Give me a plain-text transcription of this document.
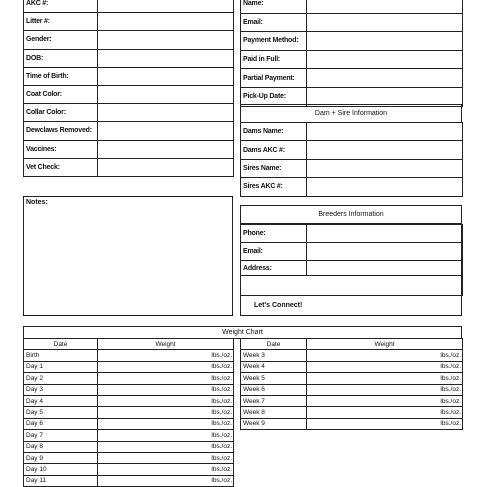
AKC #:	
Litter #:	
Gender:	
DOB:	
Time of Birth:	
Coat Color:	
Collar Color:	
Dewclaws Removed:	
Vaccines:	
Vet Check:	
Name:	
Email:	
Payment Method:	
Paid in Full:	
Partial Payment:	
Pick-Up Date:	
Dam + Sire Information
Dams Name:	
Dams AKC #:	
Sires Name:	
Sires AKC #:	
Notes:
Breeders Information
Phone:	
Email:	
Address:	

Let's Connect!
Weight Chart
Date	Weight
Birth	lbs./oz.
Day 1	lbs./oz.
Day 2	lbs./oz.
Day 3	lbs./oz.
Day 4	lbs./oz.
Day 5	lbs./oz.
Day 6	lbs./oz.
Day 7	lbs./oz.
Day 8	lbs./oz.
Day 9	lbs./oz.
Day 10	lbs./oz.
Day 11	lbs./oz.
Date	Weight
Week 3	lbs./oz.
Week 4	lbs./oz.
Week 5	lbs./oz.
Week 6	lbs./oz.
Week 7	lbs./oz.
Week 8	lbs./oz.
Week 9	lbs./oz.
